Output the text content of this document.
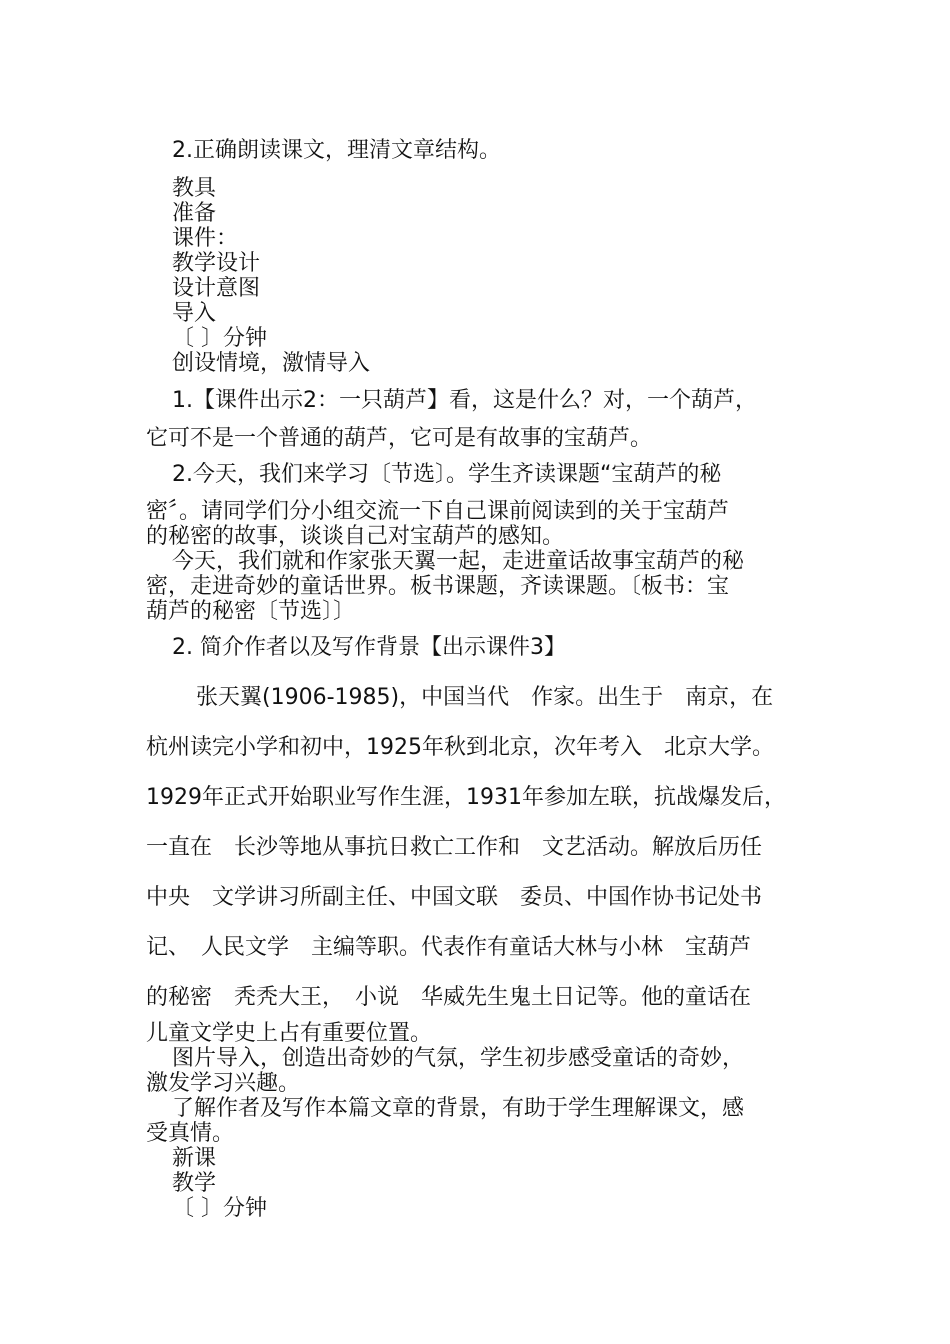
2.正确朗读课文，理清文章结构。
教具
准备
课件：
教学设计
设计意图
导入
〔 〕分钟
创设情境，激情导入
1.【课件出示2：一只葫芦】看，这是什么？对，一个葫芦，
它可不是一个普通的葫芦，它可是有故事的宝葫芦。
2.今天，我们来学习〔节选〕。学生齐读课题“宝葫芦的秘
密〞。请同学们分小组交流一下自己课前阅读到的关于宝葫芦
的秘密的故事，谈谈自己对宝葫芦的感知。
今天，我们就和作家张天翼一起，走进童话故事宝葫芦的秘
密，走进奇妙的童话世界。板书课题，齐读课题。〔板书：宝
葫芦的秘密〔节选〕〕
2. 简介作者以及写作背景【出示课件3】
张天翼(1906-1985)，中国当代　作家。出生于　南京，在
杭州读完小学和初中，1925年秋到北京，次年考入　北京大学。
1929年正式开始职业写作生涯，1931年参加左联，抗战爆发后，
一直在　长沙等地从事抗日救亡工作和　文艺活动。解放后历任
中央　文学讲习所副主任、中国文联　委员、中国作协书记处书
记、　人民文学　主编等职。代表作有童话大林与小林　宝葫芦
的秘密　秃秃大王，　小说　华威先生鬼土日记等。他的童话在
儿童文学史上占有重要位置。
图片导入，创造出奇妙的气氛，学生初步感受童话的奇妙，
激发学习兴趣。
了解作者及写作本篇文章的背景，有助于学生理解课文，感
受真情。
新课
教学
〔 〕分钟
